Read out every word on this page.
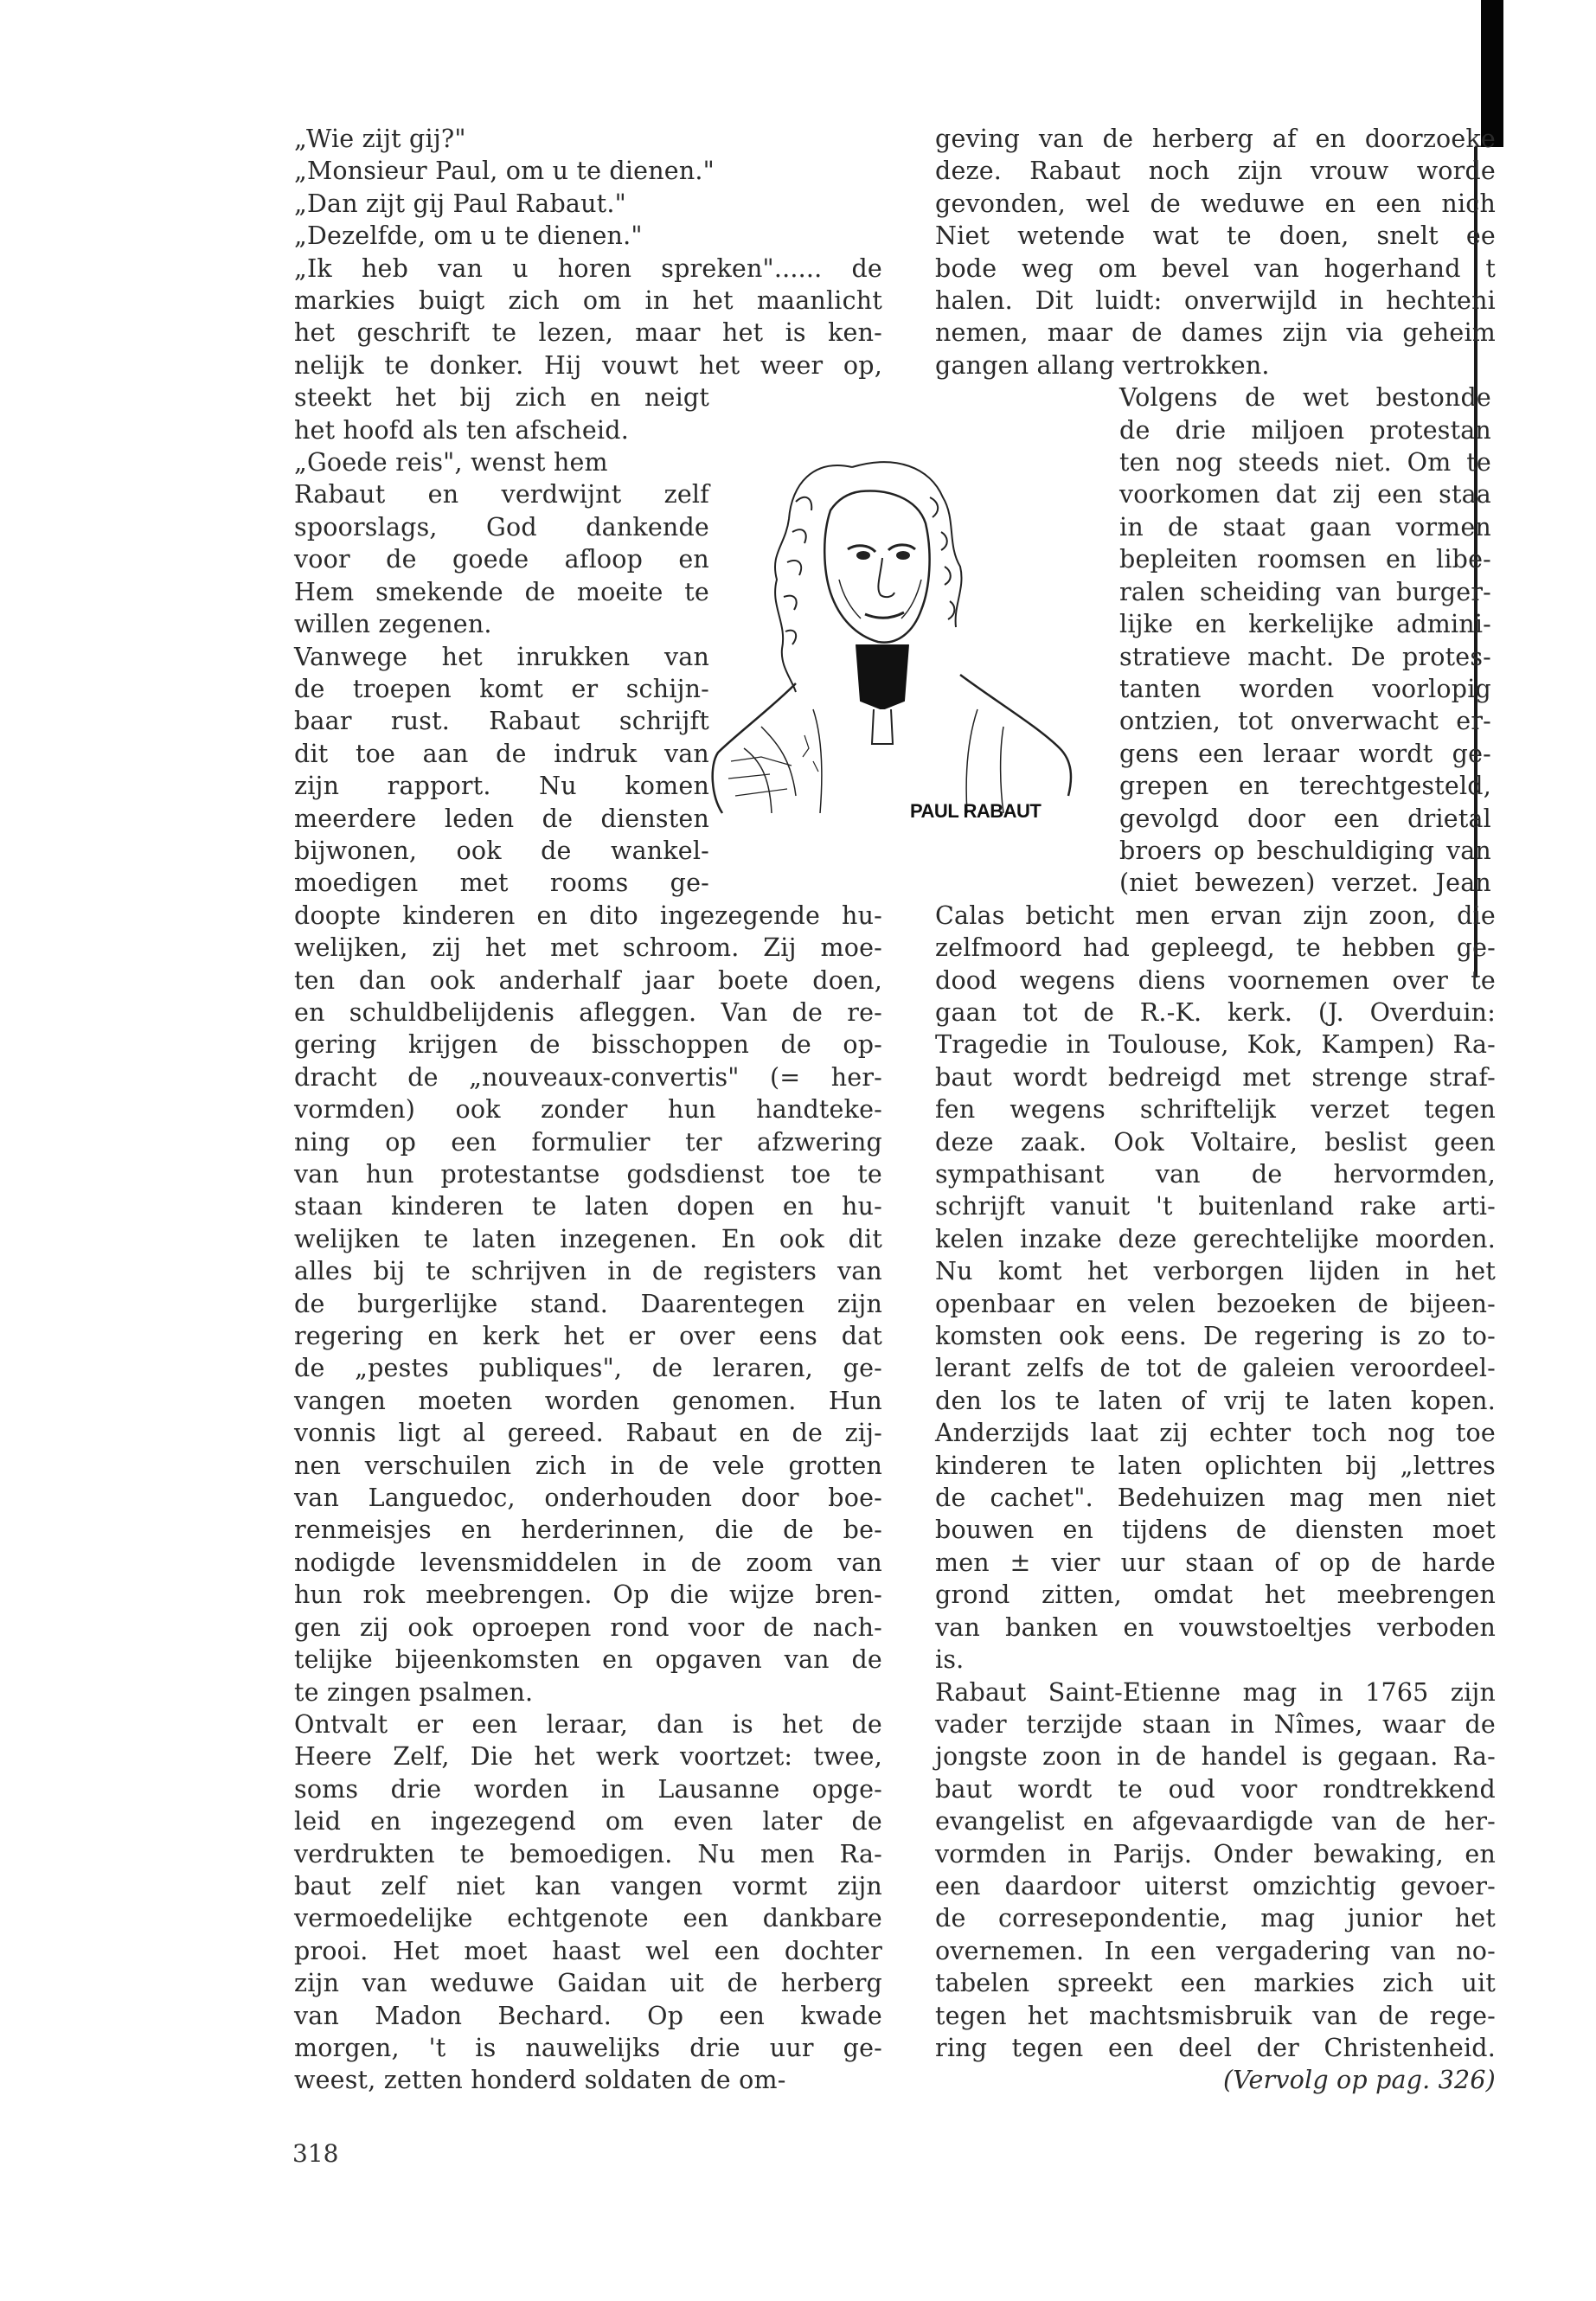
„Wie zijt gij?"

„Monsieur Paul, om u te dienen."

„Dan zijt gij Paul Rabaut."

„Dezelfde, om u te dienen."

„Ik heb van u horen spreken"...... de

markies buigt zich om in het maanlicht

het geschrift te lezen, maar het is ken-

nelijk te donker. Hij vouwt het weer op,

steekt het bij zich en neigt

het hoofd als ten afscheid.

„Goede reis", wenst hem

Rabaut en verdwijnt zelf

spoorslags, God dankende

voor de goede afloop en

Hem smekende de moeite te

willen zegenen.

Vanwege het inrukken van

de troepen komt er schijn-

baar rust. Rabaut schrijft

dit toe aan de indruk van

zijn rapport. Nu komen

meerdere leden de diensten

bijwonen, ook de wankel-

moedigen met rooms ge-

doopte kinderen en dito ingezegende hu-

welijken, zij het met schroom. Zij moe-

ten dan ook anderhalf jaar boete doen,

en schuldbelijdenis afleggen. Van de re-

gering krijgen de bisschoppen de op-

dracht de „nouveaux-convertis" (= her-

vormden) ook zonder hun handteke-

ning op een formulier ter afzwering

van hun protestantse godsdienst toe te

staan kinderen te laten dopen en hu-

welijken te laten inzegenen. En ook dit

alles bij te schrijven in de registers van

de burgerlijke stand. Daarentegen zijn

regering en kerk het er over eens dat

de „pestes publiques", de leraren, ge-

vangen moeten worden genomen. Hun

vonnis ligt al gereed. Rabaut en de zij-

nen verschuilen zich in de vele grotten

van Languedoc, onderhouden door boe-

renmeisjes en herderinnen, die de be-

nodigde levensmiddelen in de zoom van

hun rok meebrengen. Op die wijze bren-

gen zij ook oproepen rond voor de nach-

telijke bijeenkomsten en opgaven van de

te zingen psalmen.

Ontvalt er een leraar, dan is het de

Heere Zelf, Die het werk voortzet: twee,

soms drie worden in Lausanne opge-

leid en ingezegend om even later de

verdrukten te bemoedigen. Nu men Ra-

baut zelf niet kan vangen vormt zijn

vermoedelijke echtgenote een dankbare

prooi. Het moet haast wel een dochter

zijn van weduwe Gaidan uit de herberg

van Madon Bechard. Op een kwade

morgen, 't is nauwelijks drie uur ge-

weest, zetten honderd soldaten de om-

geving van de herberg af en doorzoeke

deze. Rabaut noch zijn vrouw worde

gevonden, wel de weduwe en een nich

Niet wetende wat te doen, snelt ee

bode weg om bevel van hogerhand t

halen. Dit luidt: onverwijld in hechteni

nemen, maar de dames zijn via geheim

gangen allang vertrokken.

Volgens de wet bestonde

de drie miljoen protestan

ten nog steeds niet. Om te

voorkomen dat zij een staa

in de staat gaan vormen

bepleiten roomsen en libe-

ralen scheiding van burger-

lijke en kerkelijke admini-

stratieve macht. De protes-

tanten worden voorlopig

ontzien, tot onverwacht er-

gens een leraar wordt ge-

grepen en terechtgesteld,

gevolgd door een drietal

broers op beschuldiging van

(niet bewezen) verzet. Jean

Calas beticht men ervan zijn zoon, die

zelfmoord had gepleegd, te hebben ge-

dood wegens diens voornemen over te

gaan tot de R.-K. kerk. (J. Overduin:

Tragedie in Toulouse, Kok, Kampen) Ra-

baut wordt bedreigd met strenge straf-

fen wegens schriftelijk verzet tegen

deze zaak. Ook Voltaire, beslist geen

sympathisant van de hervormden,

schrijft vanuit 't buitenland rake arti-

kelen inzake deze gerechtelijke moorden.

Nu komt het verborgen lijden in het

openbaar en velen bezoeken de bijeen-

komsten ook eens. De regering is zo to-

lerant zelfs de tot de galeien veroordeel-

den los te laten of vrij te laten kopen.

Anderzijds laat zij echter toch nog toe

kinderen te laten oplichten bij „lettres

de cachet". Bedehuizen mag men niet

bouwen en tijdens de diensten moet

men ± vier uur staan of op de harde

grond zitten, omdat het meebrengen

van banken en vouwstoeltjes verboden

is.

Rabaut Saint-Etienne mag in 1765 zijn

vader terzijde staan in Nîmes, waar de

jongste zoon in de handel is gegaan. Ra-

baut wordt te oud voor rondtrekkend

evangelist en afgevaardigde van de her-

vormden in Parijs. Onder bewaking, en

een daardoor uiterst omzichtig gevoer-

de corresepondentie, mag junior het

overnemen. In een vergadering van no-

tabelen spreekt een markies zich uit

tegen het machtsmisbruik van de rege-

ring tegen een deel der Christenheid.

(Vervolg op pag. 326)

PAUL RABAUT
318
